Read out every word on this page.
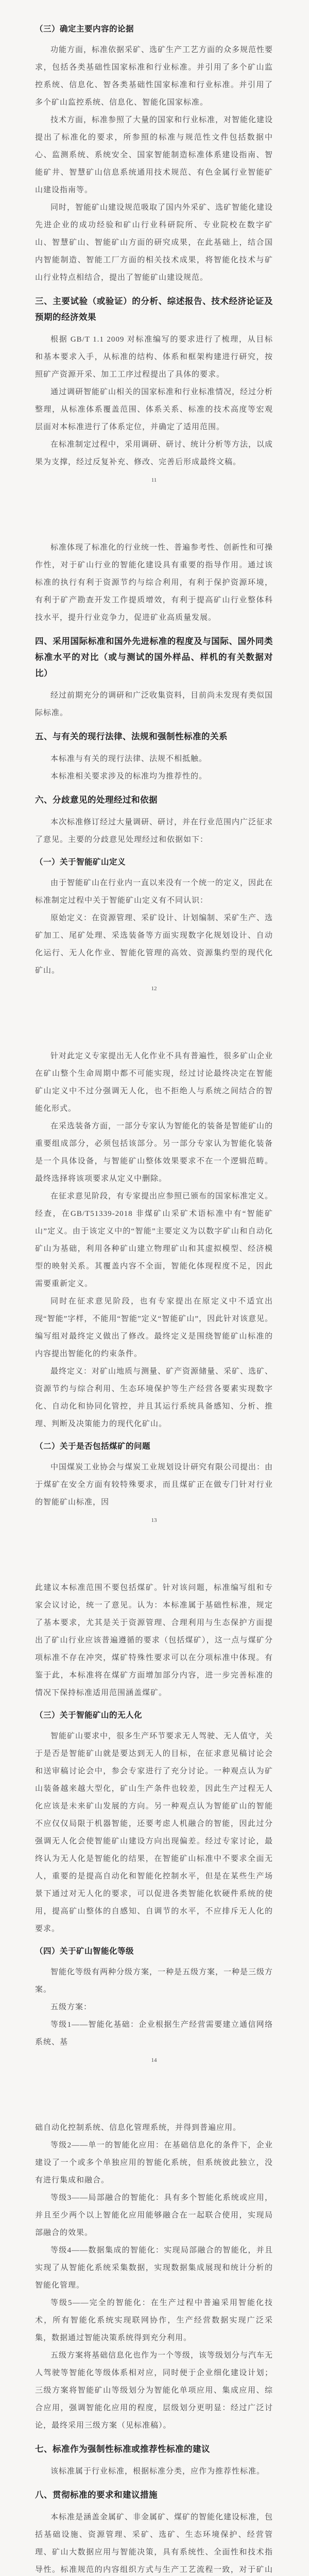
（三）确定主要内容的论据
功能方面，标准依据采矿、选矿生产工艺方面的众多规范性要求，包括各类基础性国家标准和行业标准。并引用了多个矿山监控系统、信息化、智各类基础性国家标准和行业标准。并引用了多个矿山监控系统、信息化、智能化国家标准。
技术方面，标准参照了大量的国家和行业标准，对智能化建设提出了标准化的要求，所参照的标准与规范性文件包括数据中心、监测系统、系统安全、国家智能制造标准体系建设指南、智能矿井、智慧矿山信息系统通用技术规范、有色金属行业智能矿山建设指南等。
同时，智能矿山建设规范吸取了国内外采矿、选矿智能化建设先进企业的成功经验和矿山行业科研院所、专业院校在数字矿山、智慧矿山、智能矿山方面的研究成果，在此基础上，结合国内智能制造、智能工厂方面的相关技术成果，将智能化技术与矿山行业特点相结合，提出了智能矿山建设规范。
三、主要试验（或验证）的分析、综述报告、技术经济论证及预期的经济效果
根据 GB/T 1.1 2009 对标准编写的要求进行了梳理，从目标和基本要求入手，从标准的结构、体系和框架构建进行研究，按照矿产资源开采、加工工序过程提出了具体的要求。
通过调研智能矿山相关的国家标准和行业标准情况，经过分析整理，从标准体系覆盖范围、体系关系、标准的技术高度等宏观层面对本标准进行了体系定位，并确定了适用范围。
在标准制定过程中，采用调研、研讨、统计分析等方法，以成果为支撑，经过反复补充、修改、完善后形成最终文稿。
11
标准体现了标准化的行业统一性、普遍参考性、创新性和可操作性，对于矿山行业的智能化建设具有重要的指导作用。通过该标准的执行有利于资源节约与综合利用，有利于保护资源环境，有利于矿产勘查开发工作提质增效，有利于提高矿山行业整体科技水平，提升行业竞争力，促进矿业高质量发展。
四、采用国际标准和国外先进标准的程度及与国际、国外同类标准水平的对比（或与测试的国外样品、样机的有关数据对比）
经过前期充分的调研和广泛收集资料，目前尚未发现有类似国际标准。
五、与有关的现行法律、法规和强制性标准的关系
本标准与有关的现行法律、法规不相抵触。
本标准相关要求涉及的标准均为推荐性的。
六、分歧意见的处理经过和依据
本次标准修订经过大量调研、研讨，并在行业范围内广泛征求了意见。主要的分歧意见处理经过和依据如下：
（一）关于智能矿山定义
由于智能矿山在行业内一直以来没有一个统一的定义，因此在标准制定过程中关于智能矿山定义有不同认识：
原始定义：在资源管理、采矿设计、计划编制、采矿生产、选矿加工、尾矿处理、采选装备等方面实现数字化规划设计、自动化运行、无人化作业、智能化管理的高效、资源集约型的现代化矿山。
12
针对此定义专家提出无人化作业不具有普遍性，很多矿山企业在矿山整个生命周期中都不可能实现，经过讨论最终决定在智能矿山定义中不过分强调无人化，也不拒绝人与系统之间结合的智能化形式。
在采选装备方面，一部分专家认为智能化的装备是智能矿山的重要组成部分，必须包括该部分。另一部分专家认为智能化装备是一个具体设备，与智能矿山整体效果要求不在一个逻辑范畴。最终选择将该项要求从定义中删除。
在征求意见阶段，有专家提出应参照已颁布的国家标准定义。经查，在GB/T51339-2018 非煤矿山采矿术语标准中有“智能矿山”定义。由于该定义中的“智能”主要定义为以数字矿山和自动化矿山为基础，利用各种矿山建立物理矿山和其虚拟模型、经济模型的映射关系。其覆盖内容不全面，智能化体现程度不足，因此需要重新定义。
同时在征求意见阶段，也有专家提出在原定义中不适宜出现“智能”字样，不能用“智能”定义“智能矿山”，因此针对该意见。编写组对最终定义做出了修改。最终定义是围绕智能矿山标准的内容提出智能化的约束条件。
最终定义：对矿山地质与测量、矿产资源储量、采矿、选矿、资源节约与综合利用、生态环境保护等生产经营各要素实现数字化、自动化和协同化管控，并且其运行系统具备感知、分析、推理、判断及决策能力的现代化矿山。
（二）关于是否包括煤矿的问题
中国煤炭工业协会与煤炭工业规划设计研究有限公司提出：由于煤矿在安全方面有较特殊要求，而且煤矿正在做专门针对行业的智能矿山标准，因
13
此建议本标准范围不要包括煤矿。针对该问题，标准编写组和专家会议讨论，统一了意见。认为：本标准属于基础性标准，规定了基本要求，尤其是关于资源管理、合理利用与生态保护方面提出了矿山行业应该普遍遵循的要求（包括煤矿），这一点与煤矿分项标准不存在冲突，煤矿特殊性要求可以在分项标准中体现。有鉴于此，本标准将在煤矿方面增加部分内容，进一步完善标准的情况下保持标准适用范围涵盖煤矿。
（三）关于智能矿山的无人化
智能矿山要求中，很多生产环节要求无人驾驶、无人值守，关于是否是智能矿山就是要达到无人的目标，在征求意见稿讨论会和送审稿讨论会中，参会专家进行了充分讨论。一种观点认为矿山装备越来越大型化，矿山生产条件也较差，因此生产过程无人化应该是未来矿山发展的方向。另一种观点认为智能矿山的智能不应仅仅局限于机器智能，还要考虑人机融合的智能，因此过分强调无人化会使智能矿山建设方向出现偏差。经过专家讨论，最终认为无人化是智能化的结果，在智能矿山标准中不要求全面无人，重要的是提高自动化和智能化控制水平，但是在某些生产场景下通过对无人化的要求，可以促进各类智能化软硬件系统的使用，提高矿山整体的自感知、自调节的水平，不应排斥无人化的要求。
（四）关于矿山智能化等级
智能化等级有两种分级方案，一种是五级方案，一种是三级方案。
五级方案：
等级1——智能化基础：企业根据生产经营需要建立通信网络系统、基
14
础自动化控制系统、信息化管理系统，并得到普遍应用。
等级2——单一的智能化应用：在基础信息化的条件下，企业建设了一个或多个单独应用的智能化系统，但系统彼此独立，没有进行集成和融合。
等级3——局部融合的智能化：具有多个智能化系统或应用，并且至少两个以上智能化应用能够融合在一起联合使用，实现局部融合的效果。
等级4——数据集成的智能化：实现局部融合的智能化，并且实现了从智能化系统采集数据，实现数据集成展现和统计分析的智能化管理。
等级5——完全的智能化：在生产过程中普遍采用智能化技术，所有智能化系统实现联网协作，生产经营数据实现广泛采集，数据通过智能决策系统得到充分利用。
五级方案将基础信息化也作为一个等级，该等级划分与汽车无人驾驶等智能化等级体系相对应，同时便于企业细化建设计划；三级方案将智能矿山等级划分为智能化单项应用、集成应用、综合应用，强调智能化应用的程度，层级划分更明显：经过广泛讨论，最终采用三级方案（见标准稿）。
七、标准作为强制性标准或推荐性标准的建议
该标准属于行业标准，根据标准分类，应作为推荐性标准。
八、贯彻标准的要求和建议措施
本标准是涵盖金属矿、非金属矿、煤矿的智能化建设标准，包括基础设施、资源管理、采矿、选矿、生态环境保护、经营管理、矿山大数据应用与智能决策，具有系统性、全面性和技术指导性。标准规范的内容组织方式与生产工艺流程一致，对于矿山
